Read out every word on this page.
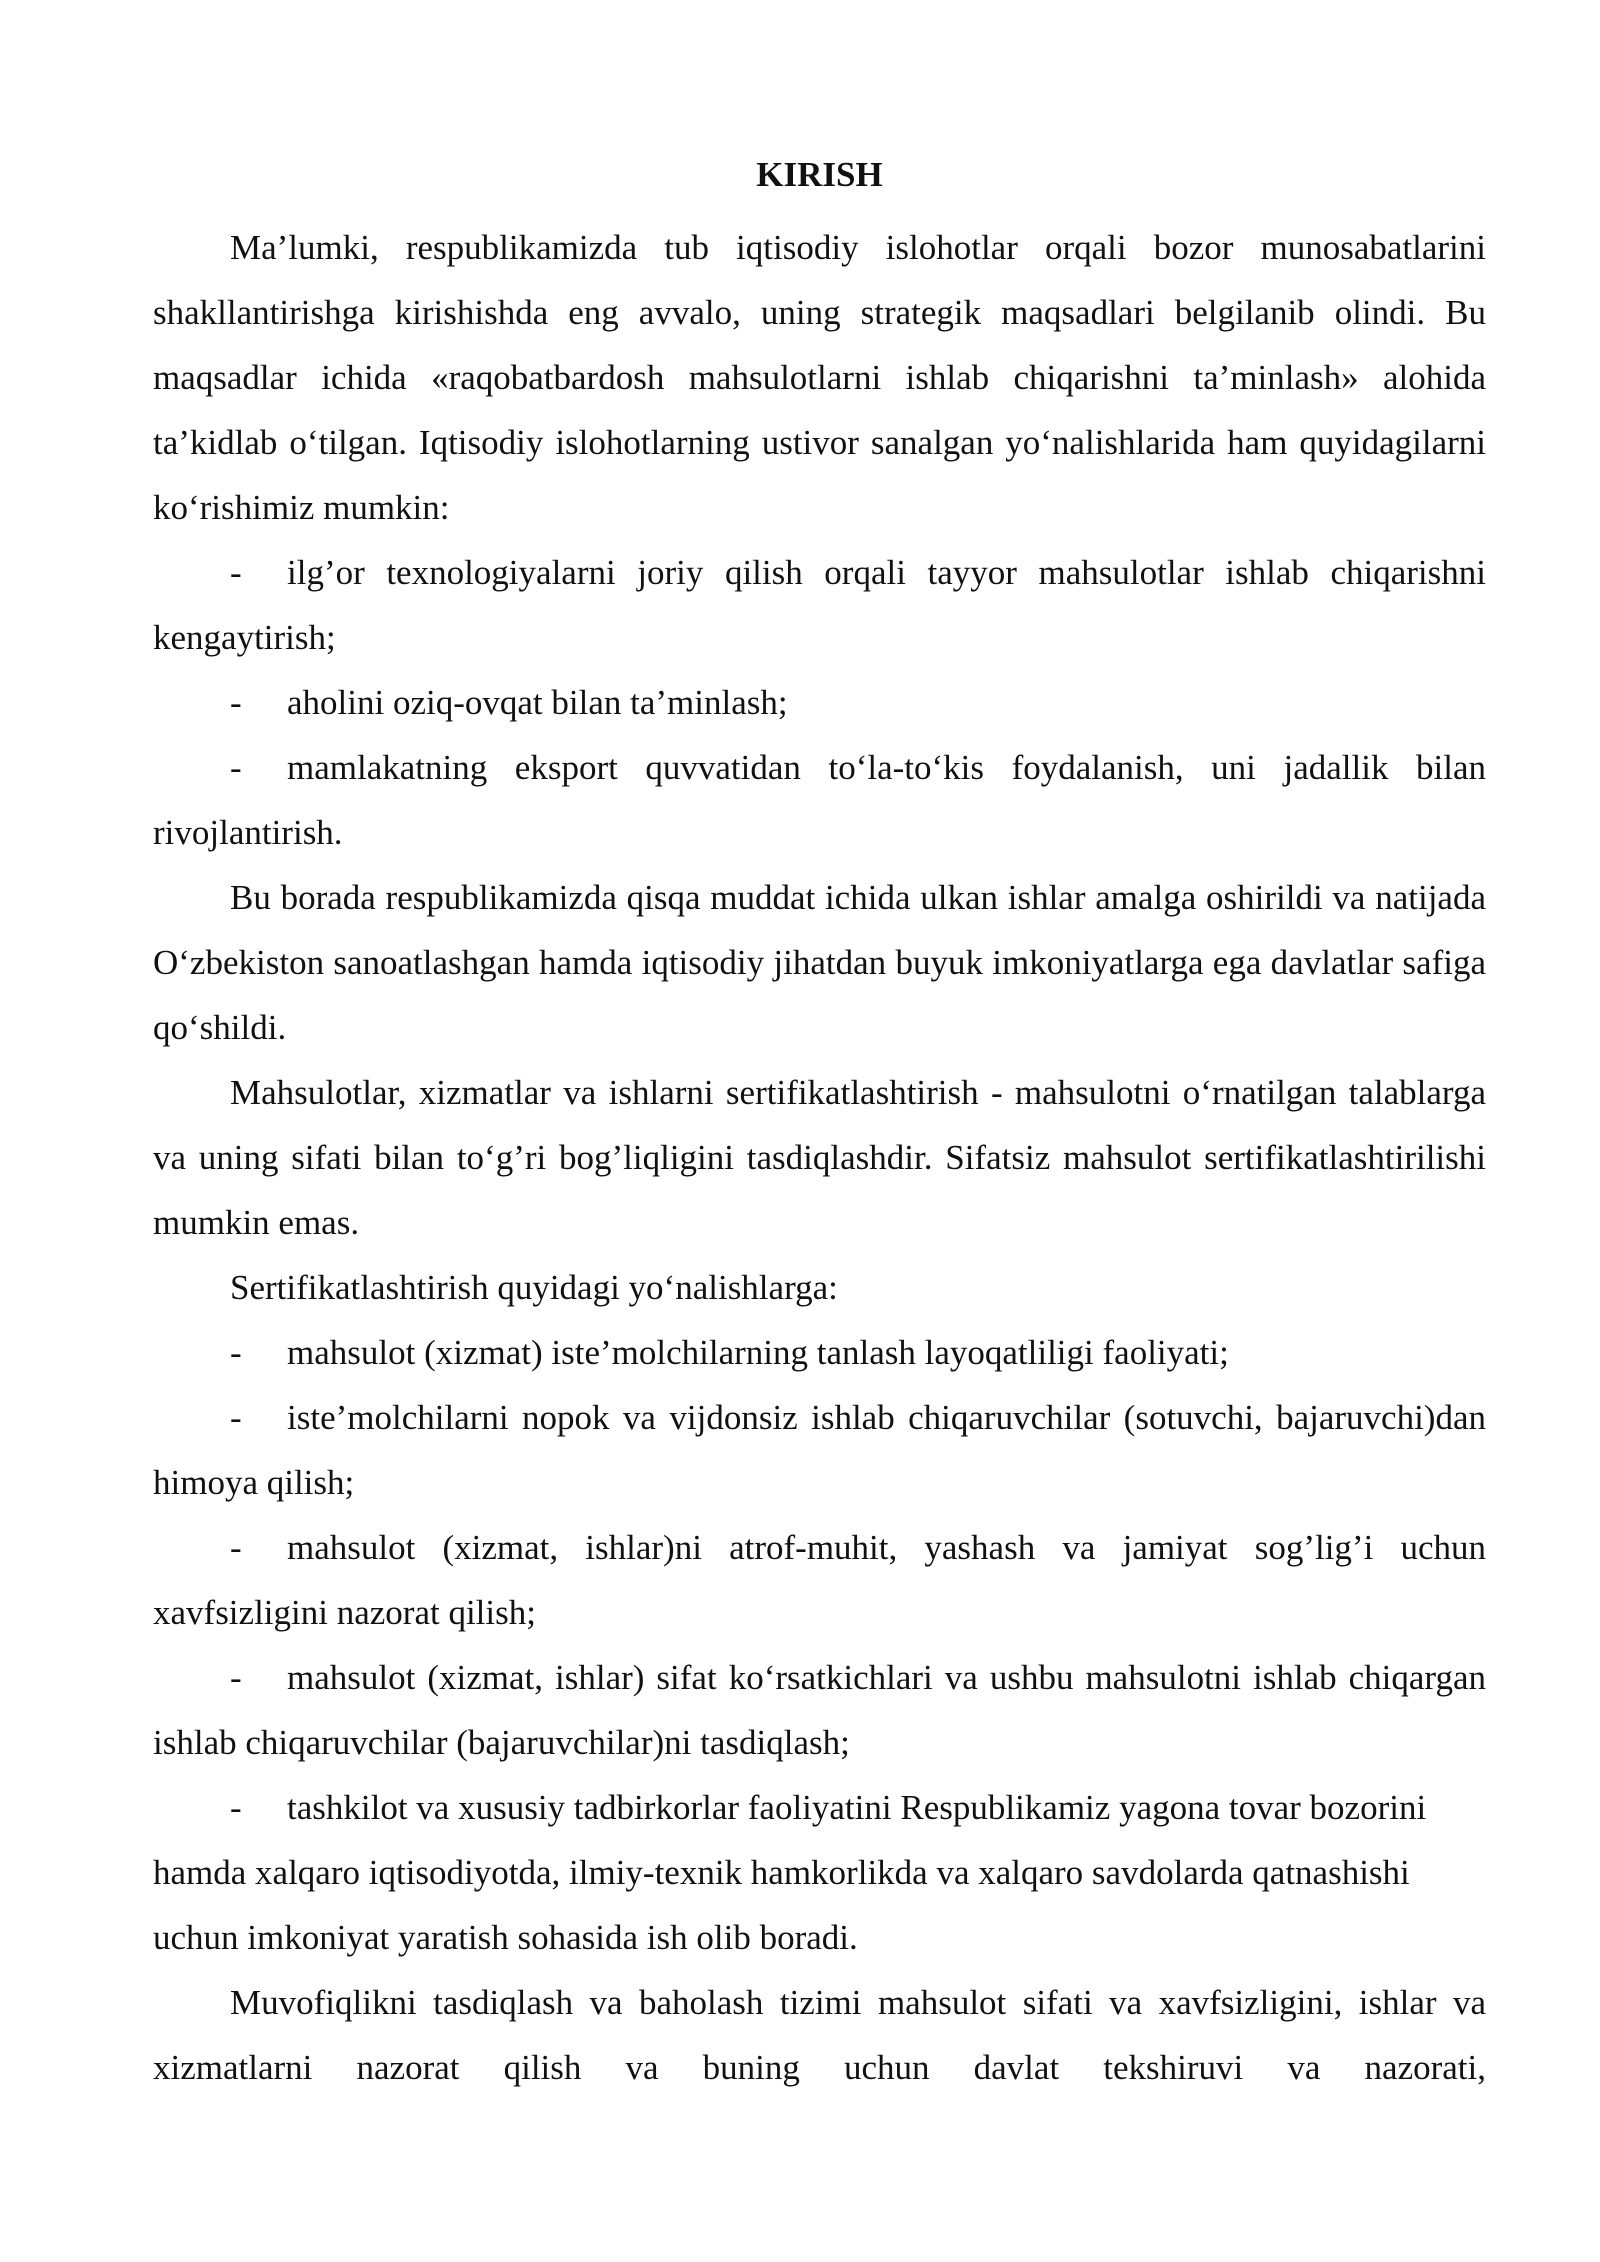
KIRISH

Ma’lumki, respublikamizda tub iqtisodiy islohotlar orqali bozor munosabatlarini shakllantirishga kirishishda eng avvalo, uning strategik maqsadlari belgilanib olindi. Bu maqsadlar ichida «raqobatbardosh mahsulotlarni ishlab chiqarishni ta’minlash» alohida ta’kidlab o‘tilgan. Iqtisodiy islohotlarning ustivor sanalgan yo‘nalishlarida ham quyidagilarni ko‘rishimiz mumkin:

- ilg’or texnologiyalarni joriy qilish orqali tayyor mahsulotlar ishlab chiqarishni kengaytirish;

- aholini oziq-ovqat bilan ta’minlash;

- mamlakatning eksport quvvatidan to‘la-to‘kis foydalanish, uni jadallik bilan rivojlantirish.

Bu borada respublikamizda qisqa muddat ichida ulkan ishlar amalga oshirildi va natijada O‘zbekiston sanoatlashgan hamda iqtisodiy jihatdan buyuk imkoniyatlarga ega davlatlar safiga qo‘shildi.

Mahsulotlar, xizmatlar va ishlarni sertifikatlashtirish - mahsulotni o‘rnatilgan talablarga va uning sifati bilan to‘g’ri bog’liqligini tasdiqlashdir. Sifatsiz mahsulot sertifikatlashtirilishi mumkin emas.

Sertifikatlashtirish quyidagi yo‘nalishlarga:

- mahsulot (xizmat) iste’molchilarning tanlash layoqatliligi faoliyati;

- iste’molchilarni nopok va vijdonsiz ishlab chiqaruvchilar (sotuvchi, bajaruvchi)dan himoya qilish;

- mahsulot (xizmat, ishlar)ni atrof-muhit, yashash va jamiyat sog’lig’i uchun xavfsizligini nazorat qilish;

- mahsulot (xizmat, ishlar) sifat ko‘rsatkichlari va ushbu mahsulotni ishlab chiqargan ishlab chiqaruvchilar (bajaruvchilar)ni tasdiqlash;

- tashkilot va xususiy tadbirkorlar faoliyatini Respublikamiz yagona tovar bozorini hamda xalqaro iqtisodiyotda, ilmiy-texnik hamkorlikda va xalqaro savdolarda qatnashishi uchun imkoniyat yaratish sohasida ish olib boradi.

Muvofiqlikni tasdiqlash va baholash tizimi mahsulot sifati va xavfsizligini, ishlar va xizmatlarni nazorat qilish va buning uchun davlat tekshiruvi va nazorati,
